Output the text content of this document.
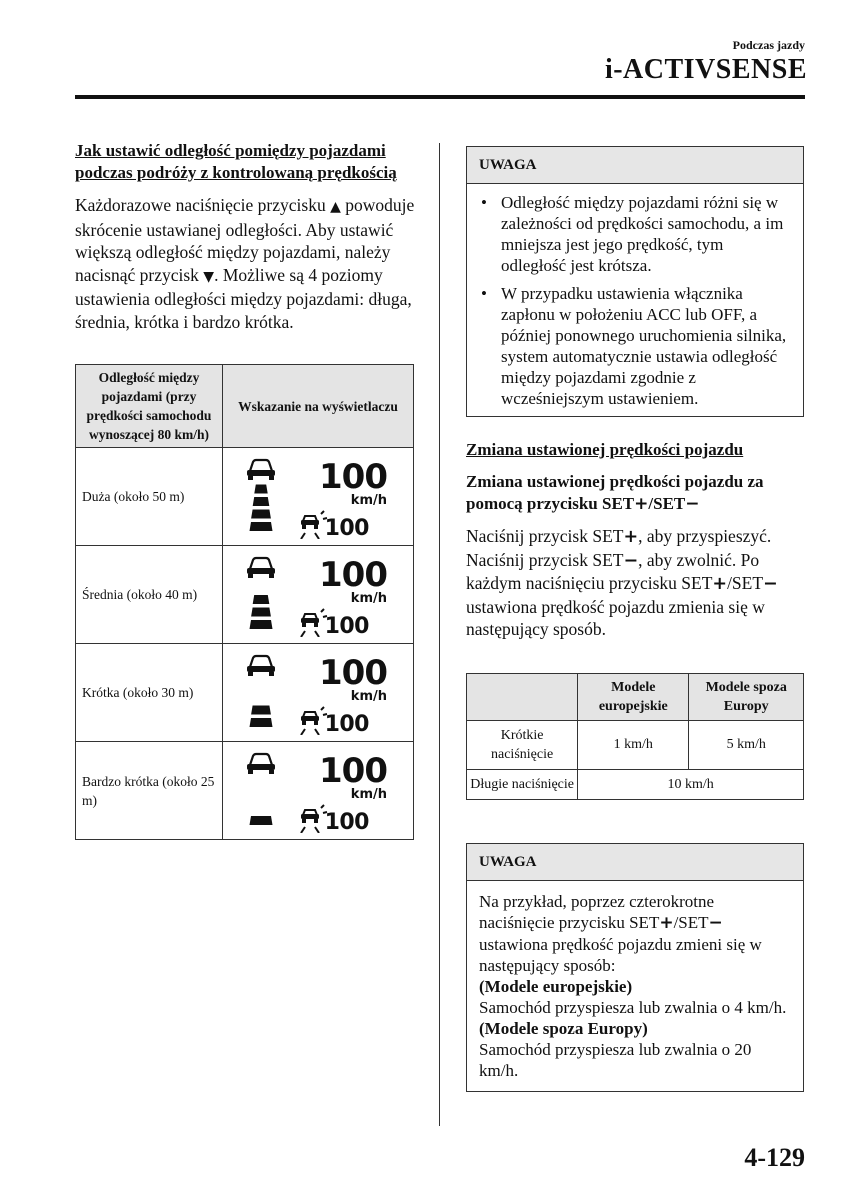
Podczas jazdy
i-ACTIVSENSE

Jak ustawić odległość pomiędzy pojazdami podczas podróży z kontrolowaną prędkością

Każdorazowe naciśnięcie przycisku ▲ powoduje skrócenie ustawianej odległości. Aby ustawić większą odległość między pojazdami, należy nacisnąć przycisk ▼. Możliwe są 4 poziomy ustawienia odległości między pojazdami: długa, średnia, krótka i bardzo krótka.

Odległość między pojazdami (przy prędkości samochodu wynoszącej 80 km/h)	Wskazanie na wyświetlaczu
Duża (około 50 m)	100
km/h
100

Średnia (około 40 m)	100
km/h
100

Krótka (około 30 m)	100
km/h
100

Bardzo krótka (około 25 m)	100
km/h
100
UWAGA
• Odległość między pojazdami różni się w zależności od prędkości samochodu, a im mniejsza jest jego prędkość, tym odległość jest krótsza.
• W przypadku ustawienia włącznika zapłonu w położeniu ACC lub OFF, a później ponownego uruchomienia silnika, system automatycznie ustawia odległość między pojazdami zgodnie z wcześniejszym ustawieniem.

Zmiana ustawionej prędkości pojazdu

Zmiana ustawionej prędkości pojazdu za pomocą przycisku SET+/SET−

Naciśnij przycisk SET+, aby przyspieszyć. Naciśnij przycisk SET−, aby zwolnić. Po każdym naciśnięciu przycisku SET+/SET− ustawiona prędkość pojazdu zmienia się w następujący sposób.

	Modele europejskie	Modele spoza Europy
Krótkie naciśnięcie	1 km/h	5 km/h
Długie naciśnięcie	10 km/h	
UWAGA

Na przykład, poprzez czterokrotne naciśnięcie przycisku SET+/SET− ustawiona prędkość pojazdu zmieni się w następujący sposób:

(Modele europejskie)

Samochód przyspiesza lub zwalnia o 4 km/h.

(Modele spoza Europy)

Samochód przyspiesza lub zwalnia o 20 km/h.

4-129
